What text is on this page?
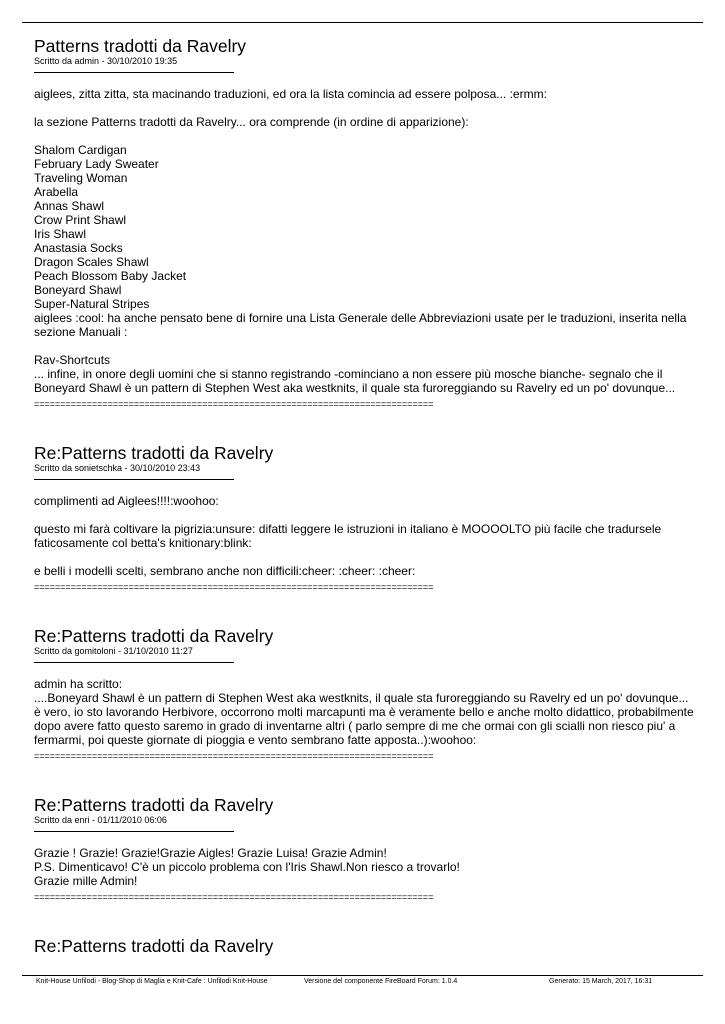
Patterns tradotti da Ravelry
Scritto da admin - 30/10/2010 19:35

aiglees, zitta zitta, sta macinando traduzioni, ed ora la lista comincia ad essere polposa... :ermm:

la sezione Patterns tradotti da Ravelry... ora comprende (in ordine di apparizione):

Shalom Cardigan

February Lady Sweater

Traveling Woman

Arabella

Annas Shawl

Crow Print Shawl

Iris Shawl

Anastasia Socks

Dragon Scales Shawl

Peach Blossom Baby Jacket

Boneyard Shawl

Super-Natural Stripes

aiglees :cool: ha anche pensato bene di fornire una Lista Generale delle Abbreviazioni usate per le traduzioni, inserita nella sezione Manuali :

Rav-Shortcuts

... infine, in onore degli uomini che si stanno registrando -cominciano a non essere più mosche bianche- segnalo che il Boneyard Shawl è un pattern di Stephen West aka westknits, il quale sta furoreggiando su Ravelry ed un po' dovunque...

============================================================================
Re:Patterns tradotti da Ravelry
Scritto da sonietschka - 30/10/2010 23:43

complimenti ad Aiglees!!!!:woohoo:

questo mi farà coltivare la pigrizia:unsure: difatti leggere le istruzioni in italiano è MOOOOLTO più facile che tradursele faticosamente col betta's knitionary:blink:

e belli i modelli scelti, sembrano anche non difficili:cheer: :cheer: :cheer:

============================================================================
Re:Patterns tradotti da Ravelry
Scritto da gomitoloni - 31/10/2010 11:27

admin ha scritto:

....Boneyard Shawl è un pattern di Stephen West aka westknits, il quale sta furoreggiando su Ravelry ed un po' dovunque... è vero, io sto lavorando Herbivore, occorrono molti marcapunti ma è veramente bello e anche molto didattico, probabilmente dopo avere fatto questo saremo in grado di inventarne altri ( parlo sempre di me che ormai con gli scialli non riesco piu' a fermarmi, poi queste giornate di pioggia e vento sembrano fatte apposta..):woohoo:

============================================================================
Re:Patterns tradotti da Ravelry
Scritto da enri - 01/11/2010 06:06

Grazie ! Grazie! Grazie!Grazie Aigles! Grazie Luisa! Grazie Admin!

P.S. Dimenticavo! C'è un piccolo problema con l'Iris Shawl.Non riesco a trovarlo!

Grazie mille Admin!

============================================================================
Re:Patterns tradotti da Ravelry
Knit-House Unfilodi - Blog-Shop di Maglia e Knit-Cafe : Unfilodi Knit-House	Versione del componente FireBoard Forum: 1.0.4	Generato: 15 March, 2017, 16:31
